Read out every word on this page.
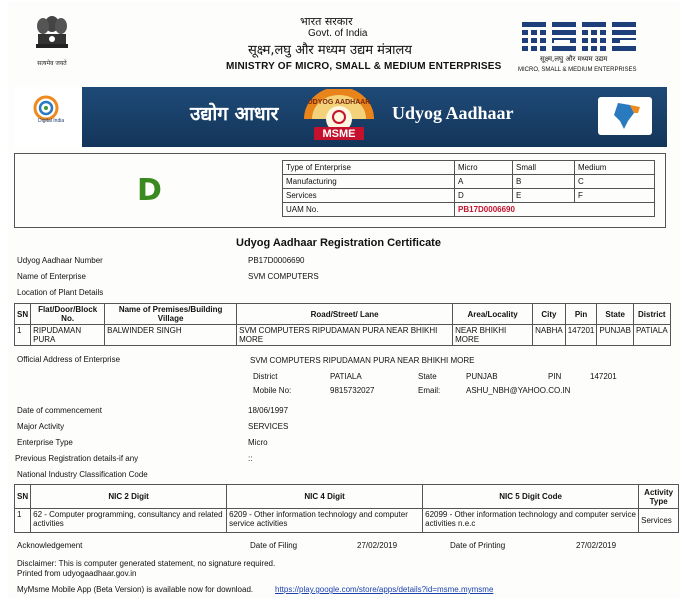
सत्यमेव जयते
भारत सरकार
Govt. of India
सूक्ष्म,लघु और मध्यम उद्यम मंत्रालय
MINISTRY OF MICRO, SMALL & MEDIUM ENTERPRISES
सूक्ष्म,लघु और मध्यम उद्यम
MICRO, SMALL & MEDIUM ENTERPRISES
Digital India	उद्योग आधार
UDYOG AADHAAR
MSME
Udyog Aadhaar
D
Type of Enterprise	Micro	Small	Medium
Manufacturing	A	B	C
Services	D	E	F
UAM No.	PB17D0006690		
Udyog Aadhaar Registration Certificate
Udyog Aadhaar Number	PB17D0006690
Name of Enterprise	SVM COMPUTERS
Location of Plant Details
SN	Flat/Door/Block No.	Name of Premises/Building Village	Road/Street/ Lane	Area/Locality	City	Pin	State	District
1	RIPUDAMAN PURA	BALWINDER SINGH	SVM COMPUTERS RIPUDAMAN PURA NEAR BHIKHI MORE	NEAR BHIKHI MORE	NABHA	147201	PUNJAB	PATIALA
Official Address of Enterprise	SVM COMPUTERS RIPUDAMAN PURA NEAR BHIKHI MORE
District	PATIALA	State	PUNJAB	PIN	147201
Mobile No:	9815732027	Email:	ASHU_NBH@YAHOO.CO.IN
Date of commencement	18/06/1997
Major Activity	SERVICES
Enterprise Type	Micro
Previous Registration details-if any	::
National Industry Classification Code
SN	NIC 2 Digit	NIC 4 Digit	NIC 5 Digit Code	Activity Type
1	62 - Computer programming, consultancy and related activities	6209 - Other information technology and computer service activities	62099 - Other information technology and computer service activities n.e.c	Services
Acknowledgement	Date of Filing	27/02/2019	Date of Printing	27/02/2019
Disclaimer: This is computer generated statement, no signature required.
Printed from udyogaadhaar.gov.in
MyMsme Mobile App (Beta Version) is available now for download.	https://play.google.com/store/apps/details?id=msme.mymsme
